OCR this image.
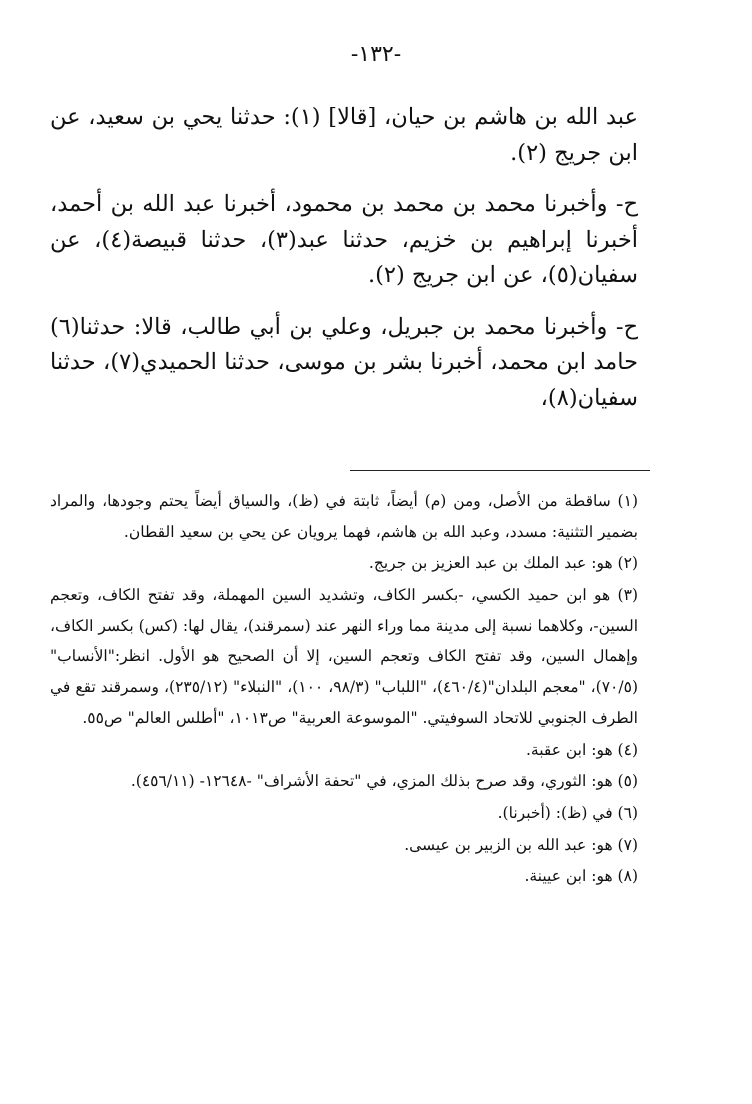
-١٣٢-

عبد الله بن هاشم بن حيان، [قالا] (١): حدثنا يحي بن سعيد، عن ابن جريج (٢).

ح- وأخبرنا محمد بن محمد بن محمود، أخبرنا عبد الله بن أحمد، أخبرنا إبراهيم بن خزيم، حدثنا عبد(٣)، حدثنا قبيصة(٤)، عن سفيان(٥)، عن ابن جريج (٢).

ح- وأخبرنا محمد بن جبريل، وعلي بن أبي طالب، قالا: حدثنا(٦) حامد ابن محمد، أخبرنا بشر بن موسى، حدثنا الحميدي(٧)، حدثنا سفيان(٨)،

(١) ساقطة من الأصل، ومن (م) أيضاً، ثابتة في (ظ)، والسياق أيضاً يحتم وجودها، والمراد بضمير التثنية: مسدد، وعبد الله بن هاشم، فهما يرويان عن يحي بن سعيد القطان.
(٢) هو: عبد الملك بن عبد العزيز بن جريج.
(٣) هو ابن حميد الكسي، -بكسر الكاف، وتشديد السين المهملة، وقد تفتح الكاف، وتعجم السين-، وكلاهما نسبة إلى مدينة مما وراء النهر عند (سمرقند)، يقال لها: (كس) بكسر الكاف، وإهمال السين، وقد تفتح الكاف وتعجم السين، إلا أن الصحيح هو الأول. انظر:"الأنساب" (٧٠/٥)، "معجم البلدان"(٤٦٠/٤)، "اللباب" (٩٨/٣، ١٠٠)، "النبلاء" (٢٣٥/١٢)، وسمرقند تقع في الطرف الجنوبي للاتحاد السوفيتي. "الموسوعة العربية" ص١٠١٣، "أطلس العالم" ص٥٥.
(٤) هو: ابن عقبة.
(٥) هو: الثوري، وقد صرح بذلك المزي، في "تحفة الأشراف" -١٢٦٤٨- (٤٥٦/١١).
(٦) في (ظ): (أخبرنا).
(٧) هو: عبد الله بن الزبير بن عيسى.
(٨) هو: ابن عيينة.
